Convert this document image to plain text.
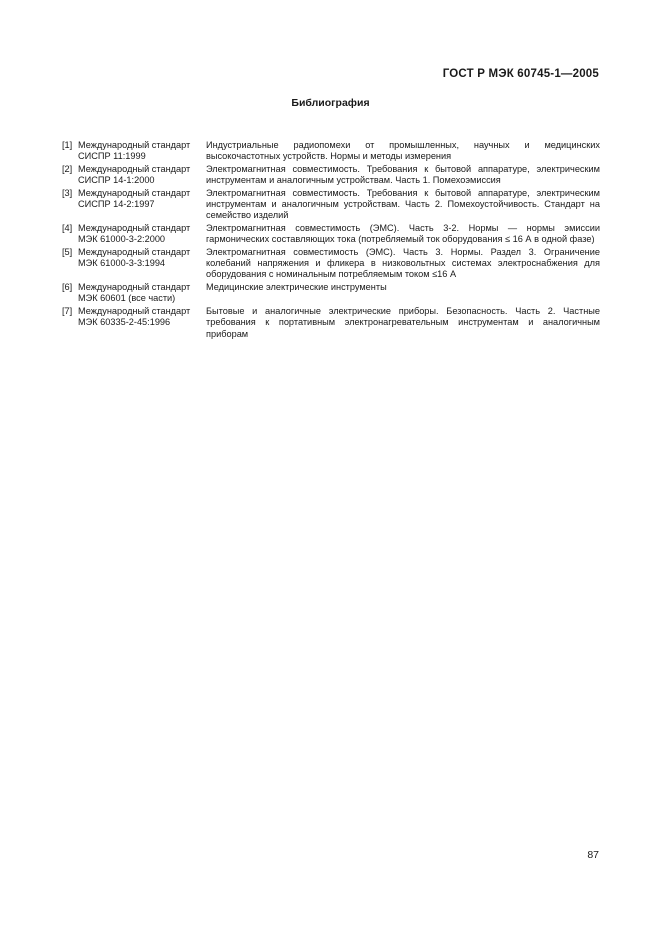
ГОСТ Р МЭК 60745-1—2005
Библиография
[1] Международный стандарт
СИСПР 11:1999
Индустриальные радиопомехи от промышленных, научных и медицинских высокочастотных устройств. Нормы и методы измерения
[2] Международный стандарт
СИСПР 14-1:2000
Электромагнитная совместимость. Требования к бытовой аппаратуре, электрическим инструментам и аналогичным устройствам. Часть 1. Помехоэмиссия
[3] Международный стандарт
СИСПР 14-2:1997
Электромагнитная совместимость. Требования к бытовой аппаратуре, электрическим инструментам и аналогичным устройствам. Часть 2. Помехоустойчивость. Стандарт на семейство изделий
[4] Международный стандарт
МЭК 61000-3-2:2000
Электромагнитная совместимость (ЭМС). Часть 3-2. Нормы — нормы эмиссии гармонических составляющих тока (потребляемый ток оборудования ≤ 16 А в одной фазе)
[5] Международный стандарт
МЭК 61000-3-3:1994
Электромагнитная совместимость (ЭМС). Часть 3. Нормы. Раздел 3. Ограничение колебаний напряжения и фликера в низковольтных системах электроснабжения для оборудования с номинальным потребляемым током ≤16 А
[6] Международный стандарт
МЭК 60601 (все части)
Медицинские электрические инструменты
[7] Международный стандарт
МЭК 60335-2-45:1996
Бытовые и аналогичные электрические приборы. Безопасность. Часть 2. Частные требования к портативным электронагревательным инструментам и аналогичным приборам
87
